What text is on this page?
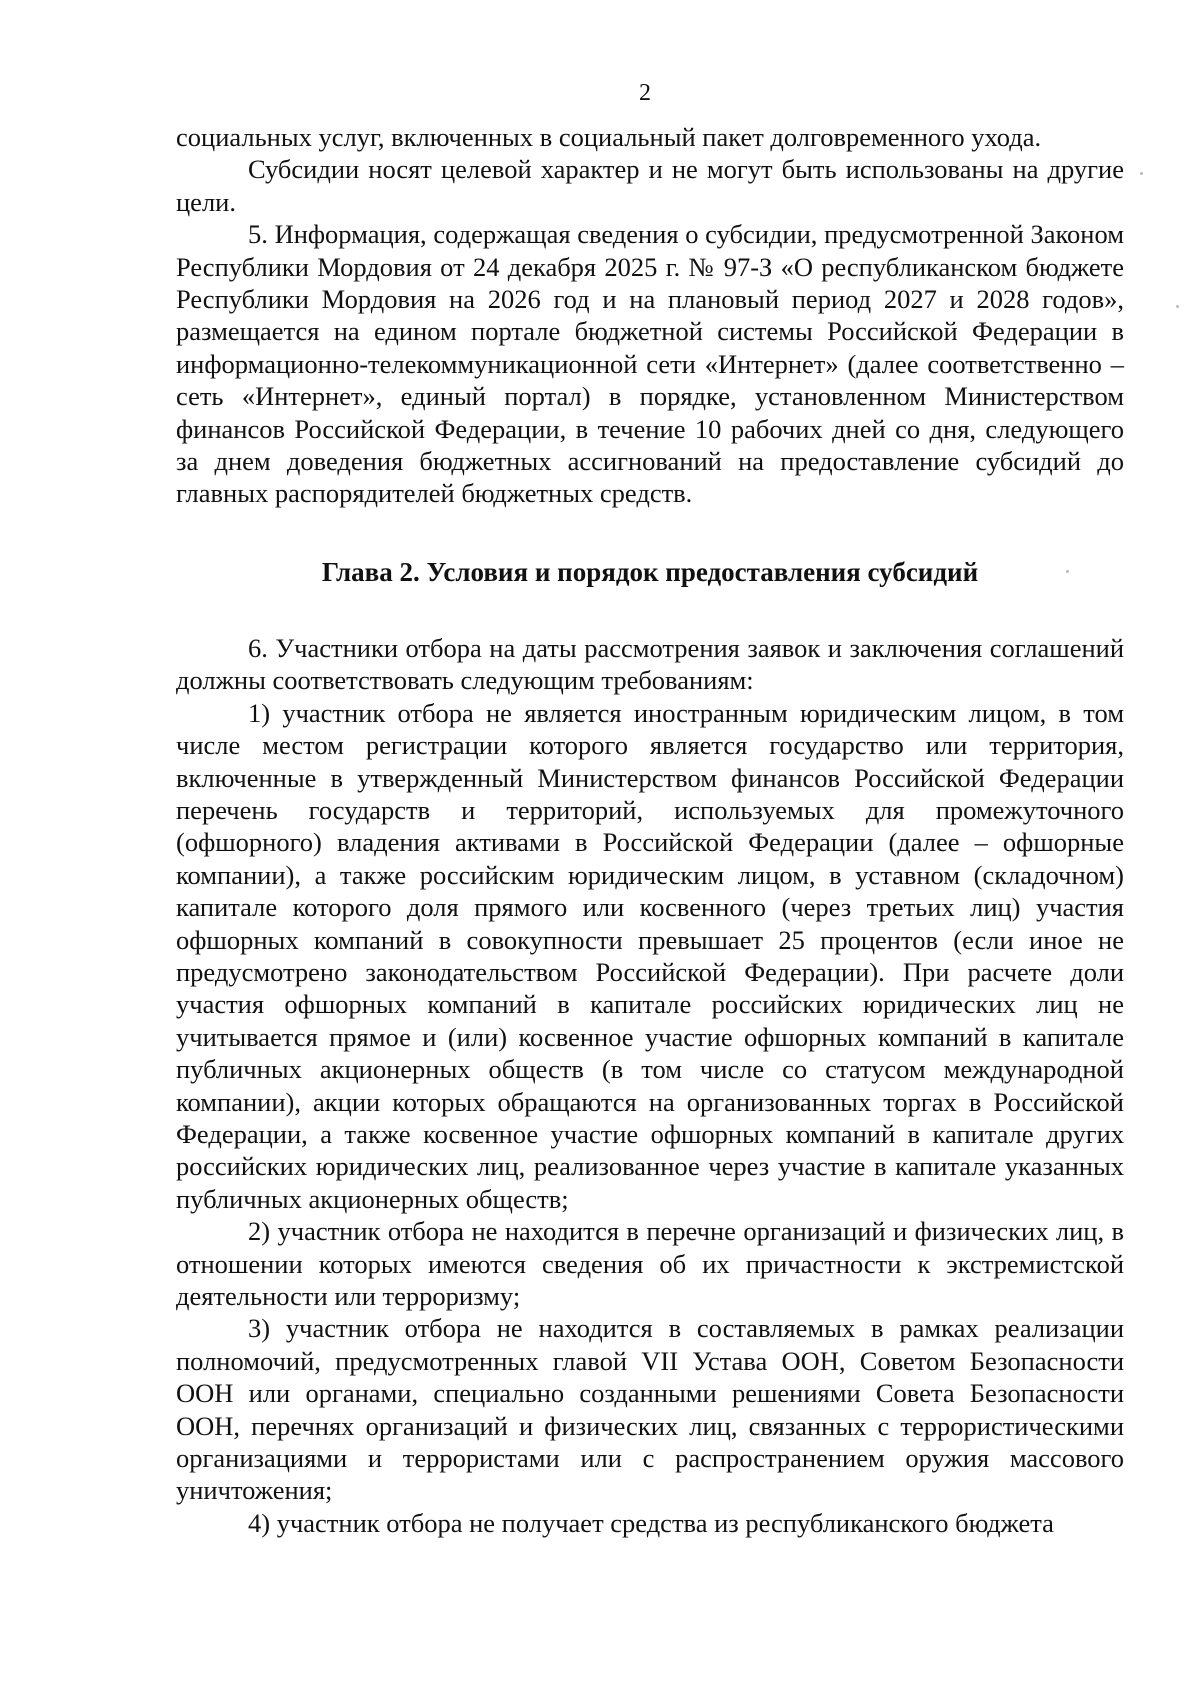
2

социальных услуг, включенных в социальный пакет долговременного ухода.

Субсидии носят целевой характер и не могут быть использованы на другие цели.

5. Информация, содержащая сведения о субсидии, предусмотренной Законом Республики Мордовия от 24 декабря 2025 г. № 97-З «О республиканском бюджете Республики Мордовия на 2026 год и на плановый период 2027 и 2028 годов», размещается на едином портале бюджетной системы Российской Федерации в информационно-телекоммуникационной сети «Интернет» (далее соответственно – сеть «Интернет», единый портал) в порядке, установленном Министерством финансов Российской Федерации, в течение 10 рабочих дней со дня, следующего за днем доведения бюджетных ассигнований на предоставление субсидий до главных распорядителей бюджетных средств.

Глава 2. Условия и порядок предоставления субсидий

6. Участники отбора на даты рассмотрения заявок и заключения соглашений должны соответствовать следующим требованиям:

1) участник отбора не является иностранным юридическим лицом, в том числе местом регистрации которого является государство или территория, включенные в утвержденный Министерством финансов Российской Федерации перечень государств и территорий, используемых для промежуточного (офшорного) владения активами в Российской Федерации (далее – офшорные компании), а также российским юридическим лицом, в уставном (складочном) капитале которого доля прямого или косвенного (через третьих лиц) участия офшорных компаний в совокупности превышает 25 процентов (если иное не предусмотрено законодательством Российской Федерации). При расчете доли участия офшорных компаний в капитале российских юридических лиц не учитывается прямое и (или) косвенное участие офшорных компаний в капитале публичных акционерных обществ (в том числе со статусом международной компании), акции которых обращаются на организованных торгах в Российской Федерации, а также косвенное участие офшорных компаний в капитале других российских юридических лиц, реализованное через участие в капитале указанных публичных акционерных обществ;

2) участник отбора не находится в перечне организаций и физических лиц, в отношении которых имеются сведения об их причастности к экстремистской деятельности или терроризму;

3) участник отбора не находится в составляемых в рамках реализации полномочий, предусмотренных главой VII Устава ООН, Советом Безопасности ООН или органами, специально созданными решениями Совета Безопасности ООН, перечнях организаций и физических лиц, связанных с террористическими организациями и террористами или с распространением оружия массового уничтожения;

4) участник отбора не получает средства из республиканского бюджета
